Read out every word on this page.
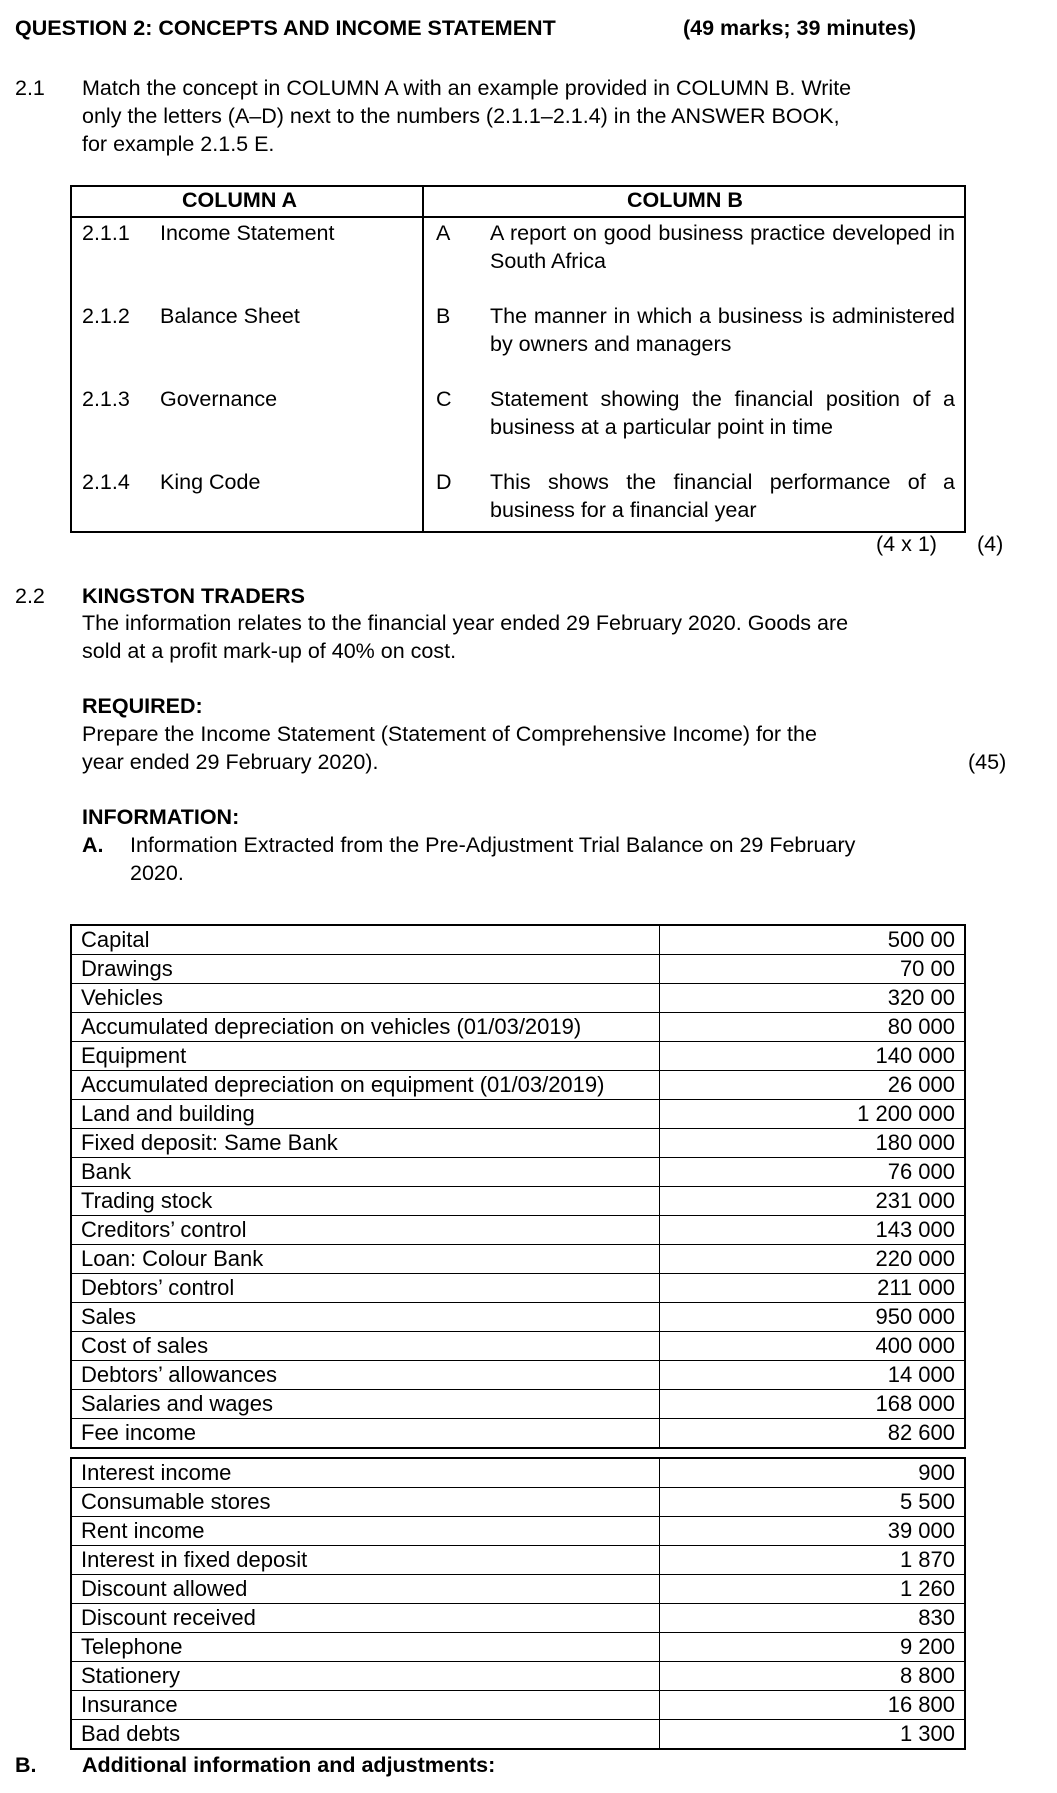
QUESTION 2: CONCEPTS AND INCOME STATEMENT	(49 marks; 39 minutes)
2.1 Match the concept in COLUMN A with an example provided in COLUMN B. Write
only the letters (A–D) next to the numbers (2.1.1–2.1.4) in the ANSWER BOOK,
for example 2.1.5 E.
COLUMN A	COLUMN B
2.1.1 Income Statement	A A report on good business practice developed in South Africa
2.1.2 Balance Sheet	B The manner in which a business is administered by owners and managers
2.1.3 Governance	C Statement showing the financial position of a business at a particular point in time
2.1.4 King Code	D This shows the financial performance of a business for a financial year
(4 x 1) (4)
2.2 KINGSTON TRADERS
The information relates to the financial year ended 29 February 2020. Goods are
sold at a profit mark-up of 40% on cost.
REQUIRED:
Prepare the Income Statement (Statement of Comprehensive Income) for the
year ended 29 February 2020).	(45)
INFORMATION:
A. Information Extracted from the Pre-Adjustment Trial Balance on 29 February
2020.
Capital	500 00
Drawings	70 00
Vehicles	320 00
Accumulated depreciation on vehicles (01/03/2019)	80 000
Equipment	140 000
Accumulated depreciation on equipment (01/03/2019)	26 000
Land and building	1 200 000
Fixed deposit: Same Bank	180 000
Bank	76 000
Trading stock	231 000
Creditors’ control	143 000
Loan: Colour Bank	220 000
Debtors’ control	211 000
Sales	950 000
Cost of sales	400 000
Debtors’ allowances	14 000
Salaries and wages	168 000
Fee income	82 600
Interest income	900
Consumable stores	5 500
Rent income	39 000
Interest in fixed deposit	1 870
Discount allowed	1 260
Discount received	830
Telephone	9 200
Stationery	8 800
Insurance	16 800
Bad debts	1 300
B. Additional information and adjustments:
